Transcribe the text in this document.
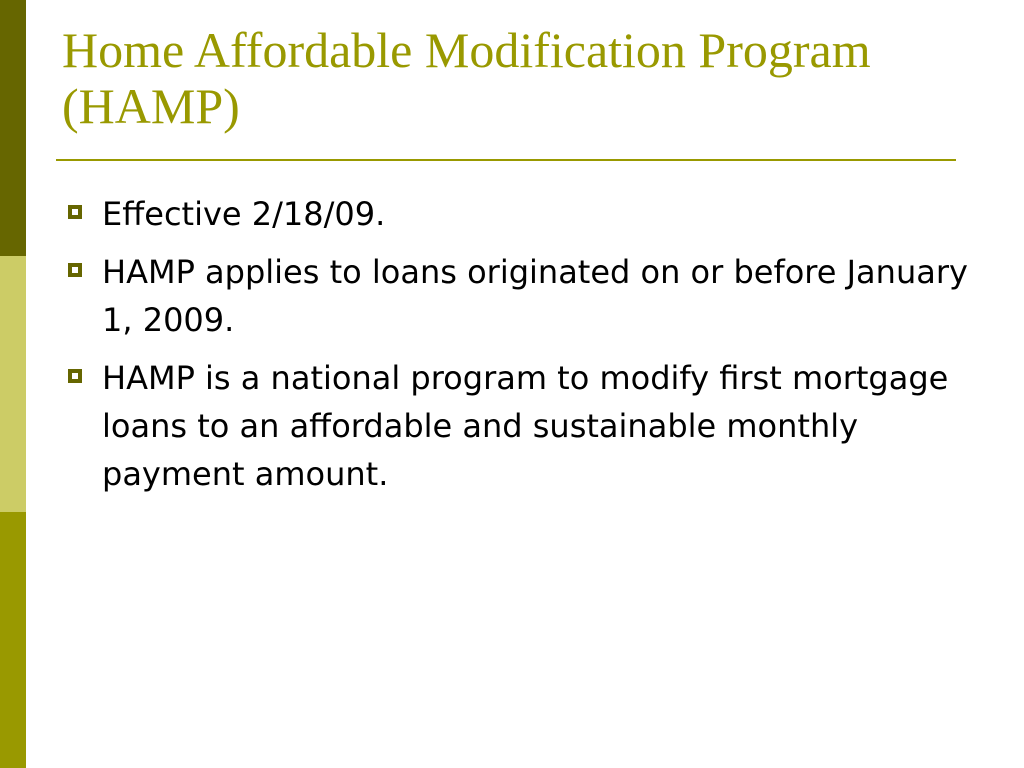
Home Affordable Modification Program (HAMP)
Effective 2/18/09.
HAMP applies to loans originated on or before January 1, 2009.
HAMP is a national program to modify first mortgage loans to an affordable and sustainable monthly payment amount.
